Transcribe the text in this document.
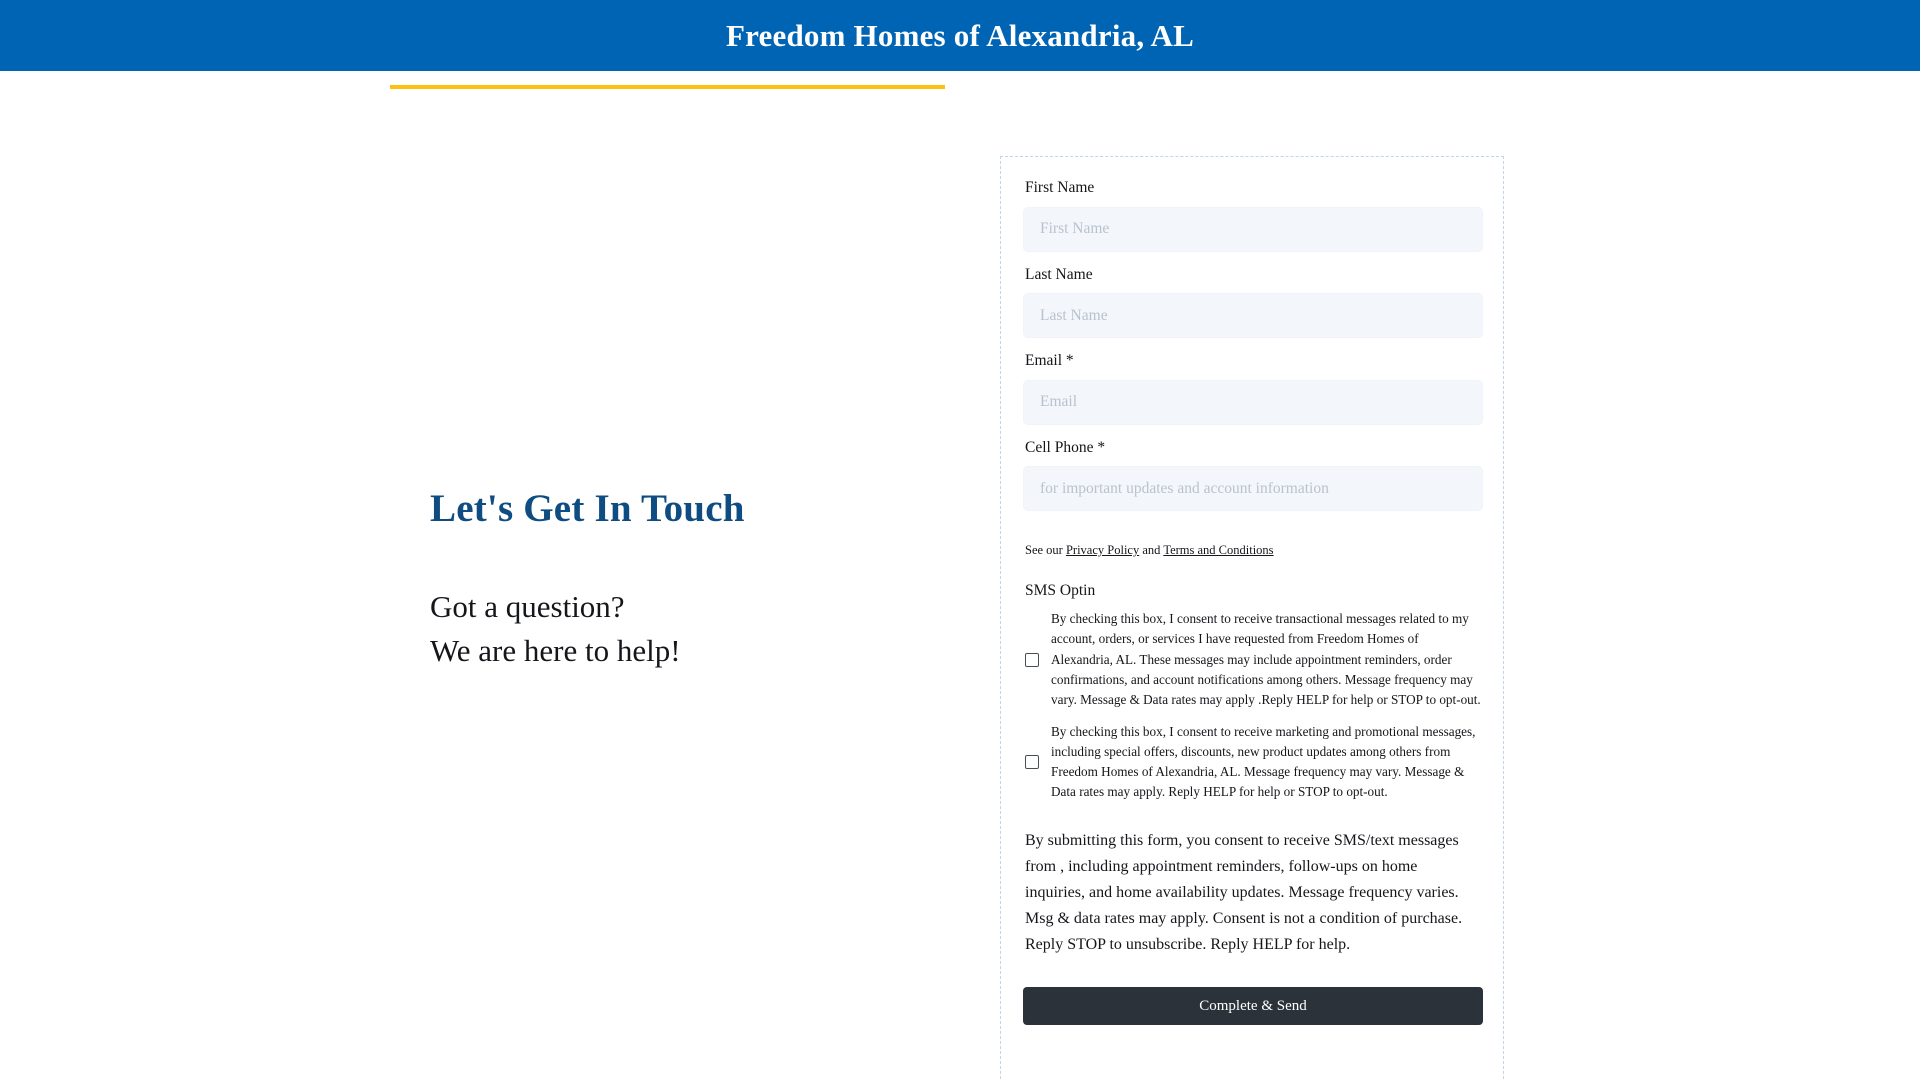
Freedom Homes of Alexandria, AL
Let's Get In Touch

Got a question?

We are here to help!

First Name
First Name
Last Name
Last Name
Email *
Email
Cell Phone *
for important updates and account information
See our Privacy Policy and Terms and Conditions
SMS Optin
By checking this box, I consent to receive transactional messages related to my account, orders, or services I have requested from Freedom Homes of Alexandria, AL. These messages may include appointment reminders, order confirmations, and account notifications among others. Message frequency may vary. Message & Data rates may apply .Reply HELP for help or STOP to opt-out.
By checking this box, I consent to receive marketing and promotional messages, including special offers, discounts, new product updates among others from Freedom Homes of Alexandria, AL. Message frequency may vary. Message & Data rates may apply. Reply HELP for help or STOP to opt-out.
By submitting this form, you consent to receive SMS/text messages from , including appointment reminders, follow-ups on home inquiries, and home availability updates. Message frequency varies. Msg & data rates may apply. Consent is not a condition of purchase. Reply STOP to unsubscribe. Reply HELP for help.
Complete & Send
